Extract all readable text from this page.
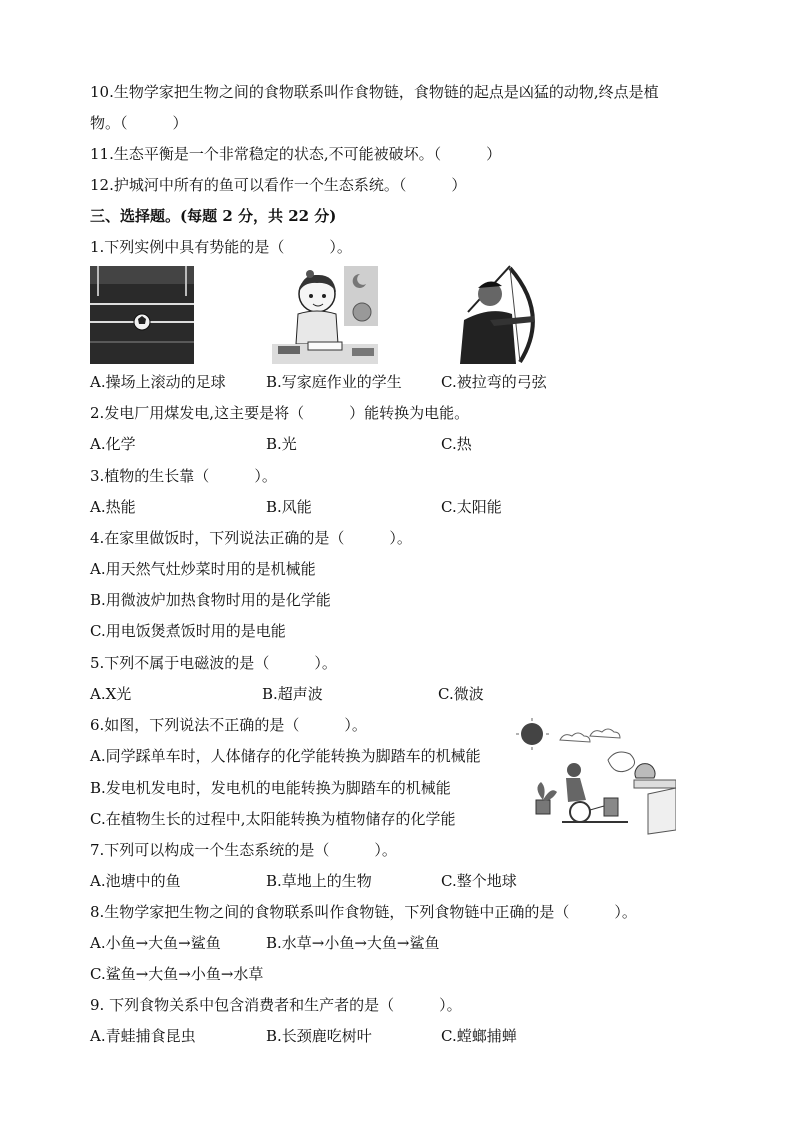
10.生物学家把生物之间的食物联系叫作食物链，食物链的起点是凶猛的动物,终点是植
物。（　　　）
11.生态平衡是一个非常稳定的状态,不可能被破坏。（　　　）
12.护城河中所有的鱼可以看作一个生态系统。（　　　）
三、选择题。(每题 2 分，共 22 分)
1.下列实例中具有势能的是（　　　）。
A.操场上滚动的足球	B.写家庭作业的学生	C.被拉弯的弓弦
2.发电厂用煤发电,这主要是将（　　　）能转换为电能。
A.化学	B.光	C.热
3.植物的生长靠（　　　）。
A.热能	B.风能	C.太阳能
4.在家里做饭时，下列说法正确的是（　　　）。
A.用天然气灶炒菜时用的是机械能
B.用微波炉加热食物时用的是化学能
C.用电饭煲煮饭时用的是电能
5.下列不属于电磁波的是（　　　）。
A.X光	B.超声波	C.微波
6.如图，下列说法不正确的是（　　　）。
A.同学踩单车时，人体储存的化学能转换为脚踏车的机械能
B.发电机发电时，发电机的电能转换为脚踏车的机械能
C.在植物生长的过程中,太阳能转换为植物储存的化学能
7.下列可以构成一个生态系统的是（　　　）。
A.池塘中的鱼	B.草地上的生物	C.整个地球
8.生物学家把生物之间的食物联系叫作食物链，下列食物链中正确的是（　　　）。
A.小鱼→大鱼→鲨鱼	B.水草→小鱼→大鱼→鲨鱼
C.鲨鱼→大鱼→小鱼→水草
9. 下列食物关系中包含消费者和生产者的是（　　　）。
A.青蛙捕食昆虫	B.长颈鹿吃树叶	C.螳螂捕蝉
